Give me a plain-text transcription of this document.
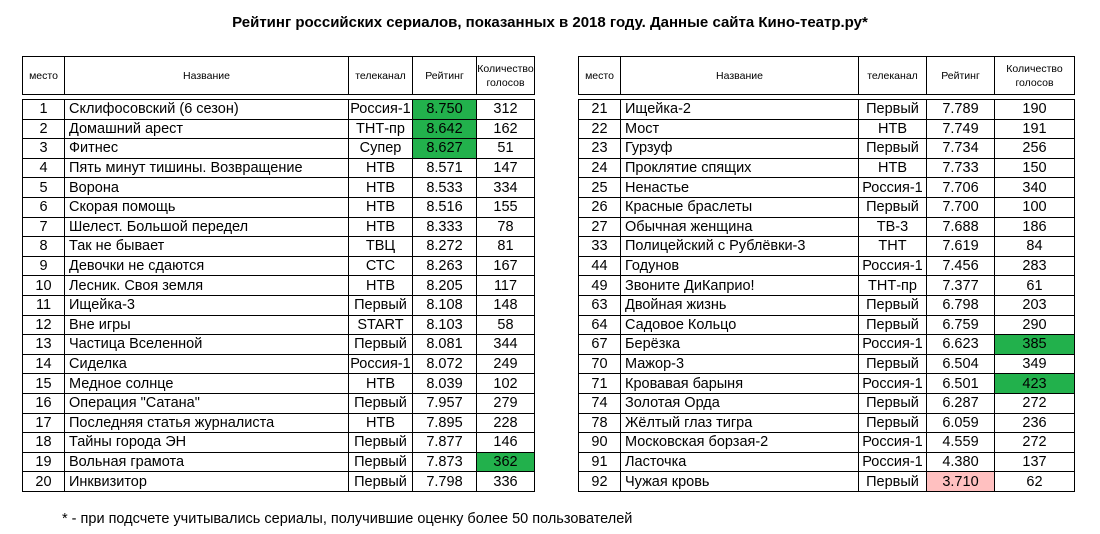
Рейтинг российских сериалов, показанных в 2018 году. Данные сайта Кино-театр.ру*
место	Название	телеканал	Рейтинг	Количество голосов

1	Склифосовский (6 сезон)	Россия-1	8.750	312
2	Домашний арест	ТНТ-пр	8.642	162
3	Фитнес	Супер	8.627	51
4	Пять минут тишины. Возвращение	НТВ	8.571	147
5	Ворона	НТВ	8.533	334
6	Скорая помощь	НТВ	8.516	155
7	Шелест. Большой передел	НТВ	8.333	78
8	Так не бывает	ТВЦ	8.272	81
9	Девочки не сдаются	СТС	8.263	167
10	Лесник. Своя земля	НТВ	8.205	117
11	Ищейка-3	Первый	8.108	148
12	Вне игры	START	8.103	58
13	Частица Вселенной	Первый	8.081	344
14	Сиделка	Россия-1	8.072	249
15	Медное солнце	НТВ	8.039	102
16	Операция "Сатана"	Первый	7.957	279
17	Последняя статья журналиста	НТВ	7.895	228
18	Тайны города ЭН	Первый	7.877	146
19	Вольная грамота	Первый	7.873	362
20	Инквизитор	Первый	7.798	336
место	Название	телеканал	Рейтинг	Количество голосов

21	Ищейка-2	Первый	7.789	190
22	Мост	НТВ	7.749	191
23	Гурзуф	Первый	7.734	256
24	Проклятие спящих	НТВ	7.733	150
25	Ненастье	Россия-1	7.706	340
26	Красные браслеты	Первый	7.700	100
27	Обычная женщина	ТВ-3	7.688	186
33	Полицейский с Рублёвки-3	ТНТ	7.619	84
44	Годунов	Россия-1	7.456	283
49	Звоните ДиКаприо!	ТНТ-пр	7.377	61
63	Двойная жизнь	Первый	6.798	203
64	Садовое Кольцо	Первый	6.759	290
67	Берёзка	Россия-1	6.623	385
70	Мажор-3	Первый	6.504	349
71	Кровавая барыня	Россия-1	6.501	423
74	Золотая Орда	Первый	6.287	272
78	Жёлтый глаз тигра	Первый	6.059	236
90	Московская борзая-2	Россия-1	4.559	272
91	Ласточка	Россия-1	4.380	137
92	Чужая кровь	Первый	3.710	62
* - при подсчете учитывались сериалы, получившие оценку более 50 пользователей
